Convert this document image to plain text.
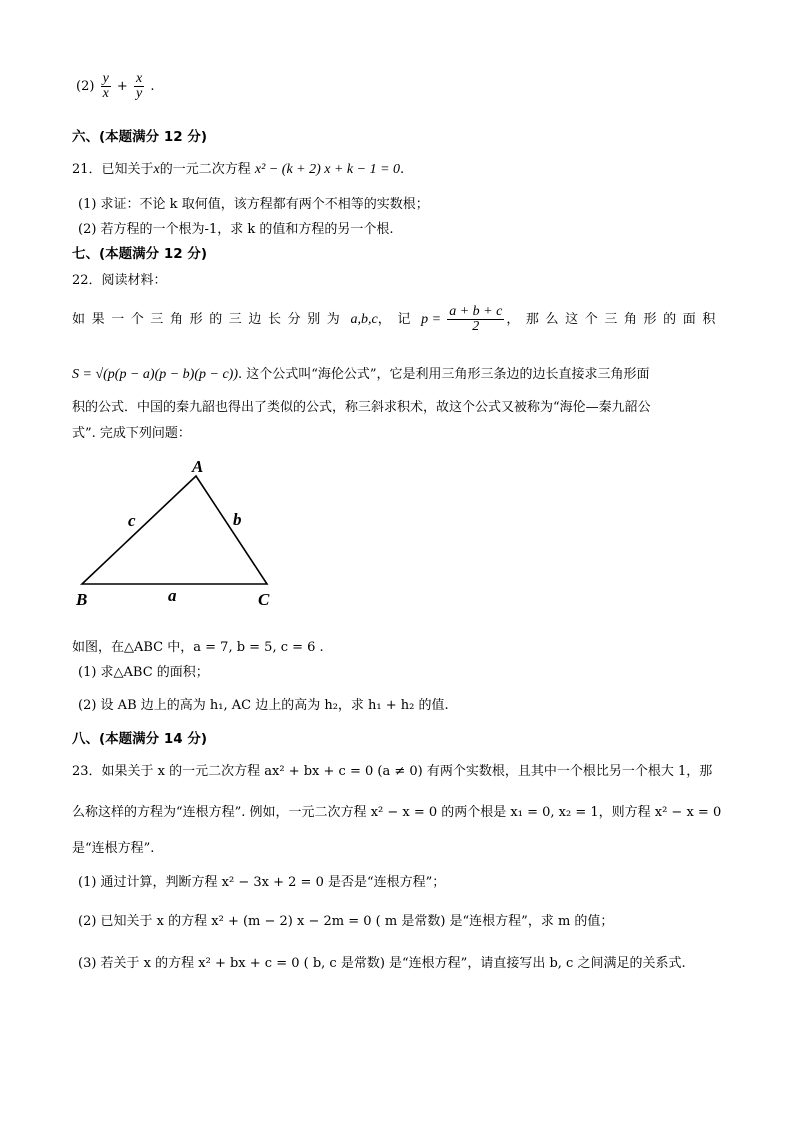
$(2) \frac{y}{x} + \frac{x}{y}$ .
六、(本题满分 12 分)
21．已知关于x的一元二次方程 x² − (k + 2) x + k − 1 = 0.
(1) 求证：不论 k 取何值，该方程都有两个不相等的实数根；
(2) 若方程的一个根为-1，求 k 的值和方程的另一个根.
七、(本题满分 12 分)
22．阅读材料：
如果一个三角形的三边长分别为 a,b,c，记 $p = \frac{a + b + c}{2}$ ，那么这个三角形的面积
S = √(p(p − a)(p − b)(p − c)). 这个公式叫“海伦公式”，它是利用三角形三条边的边长直接求三角形面
积的公式．中国的秦九韶也得出了类似的公式，称三斜求积术，故这个公式又被称为“海伦—秦九韶公
式”. 完成下列问题：
A
B	C
a
b
c
如图，在△ABC 中，a = 7, b = 5, c = 6 .
(1) 求△ABC 的面积；
(2) 设 AB 边上的高为 h₁, AC 边上的高为 h₂，求 h₁ + h₂ 的值.
八、(本题满分 14 分)
23．如果关于 x 的一元二次方程 ax² + bx + c = 0 (a ≠ 0) 有两个实数根，且其中一个根比另一个根大 1，那
么称这样的方程为“连根方程”. 例如，一元二次方程 x² − x = 0 的两个根是 x₁ = 0, x₂ = 1，则方程 x² − x = 0
是“连根方程”.
(1) 通过计算，判断方程 x² − 3x + 2 = 0 是否是“连根方程”；
(2) 已知关于 x 的方程 x² + (m − 2) x − 2m = 0 ( m 是常数) 是“连根方程”，求 m 的值；
(3) 若关于 x 的方程 x² + bx + c = 0 ( b, c 是常数) 是“连根方程”，请直接写出 b, c 之间满足的关系式.
